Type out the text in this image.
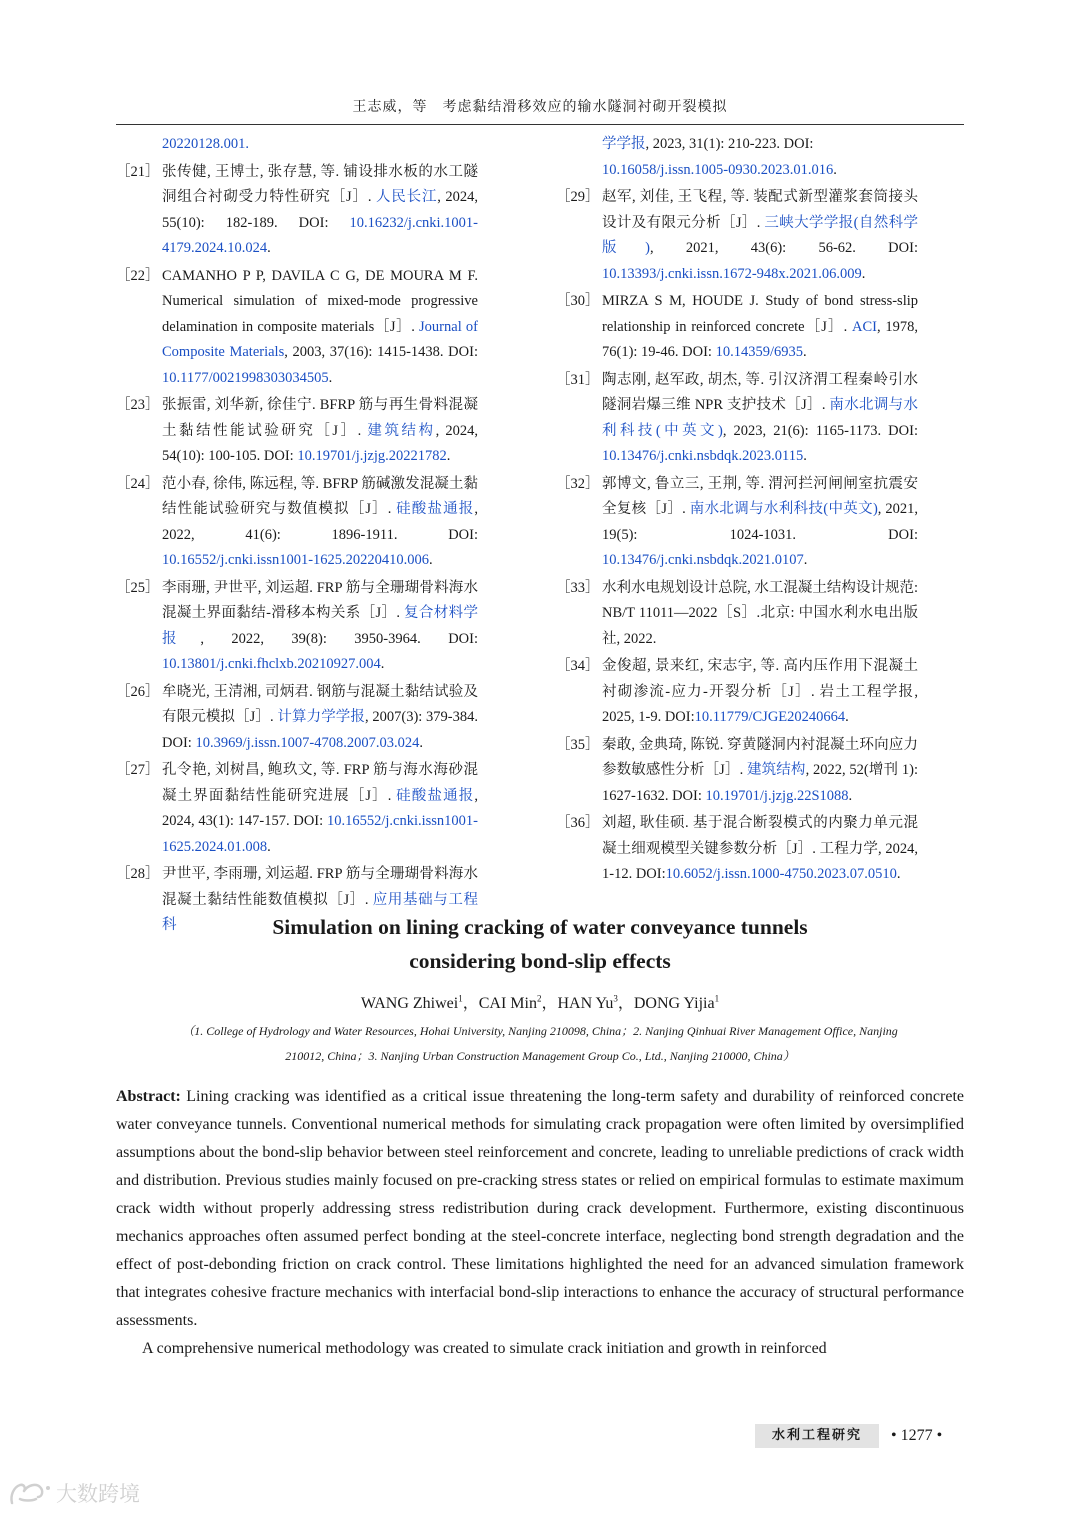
王志威，等　考虑黏结滑移效应的输水隧洞衬砌开裂模拟
20220128.001.
［21］ 张传健, 王博士, 张存慧, 等. 铺设排水板的水工隧洞组合衬砌受力特性研究［J］. 人民长江, 2024, 55(10): 182-189. DOI: 10.16232/j.cnki.1001-4179.2024.10.024.
［22］ CAMANHO P P, DAVILA C G, DE MOURA M F. Numerical simulation of mixed-mode progressive delamination in composite materials［J］. Journal of Composite Materials, 2003, 37(16): 1415-1438. DOI: 10.1177/0021998303034505.
［23］ 张振雷, 刘华新, 徐佳宁. BFRP 筋与再生骨料混凝土黏结性能试验研究［J］. 建筑结构, 2024, 54(10): 100-105. DOI: 10.19701/j.jzjg.20221782.
［24］ 范小春, 徐伟, 陈远程, 等. BFRP 筋碱激发混凝土黏结性能试验研究与数值模拟［J］. 硅酸盐通报, 2022, 41(6): 1896-1911. DOI: 10.16552/j.cnki.issn1001-1625.20220410.006.
［25］ 李雨珊, 尹世平, 刘运超. FRP 筋与全珊瑚骨料海水混凝土界面黏结-滑移本构关系［J］. 复合材料学报, 2022, 39(8): 3950-3964. DOI: 10.13801/j.cnki.fhclxb.20210927.004.
［26］ 牟晓光, 王清湘, 司炳君. 钢筋与混凝土黏结试验及有限元模拟［J］. 计算力学学报, 2007(3): 379-384. DOI: 10.3969/j.issn.1007-4708.2007.03.024.
［27］ 孔令艳, 刘树昌, 鲍玖文, 等. FRP 筋与海水海砂混凝土界面黏结性能研究进展［J］. 硅酸盐通报, 2024, 43(1): 147-157. DOI: 10.16552/j.cnki.issn1001-1625.2024.01.008.
［28］ 尹世平, 李雨珊, 刘运超. FRP 筋与全珊瑚骨料海水混凝土黏结性能数值模拟［J］. 应用基础与工程科
学学报, 2023, 31(1): 210-223. DOI: 10.16058/j.issn.1005-0930.2023.01.016.
［29］ 赵军, 刘佳, 王飞程, 等. 装配式新型灌浆套筒接头设计及有限元分析［J］. 三峡大学学报(自然科学版), 2021, 43(6): 56-62. DOI: 10.13393/j.cnki.issn.1672-948x.2021.06.009.
［30］ MIRZA S M, HOUDE J. Study of bond stress-slip relationship in reinforced concrete［J］. ACI, 1978, 76(1): 19-46. DOI: 10.14359/6935.
［31］ 陶志刚, 赵军政, 胡杰, 等. 引汉济渭工程秦岭引水隧洞岩爆三维 NPR 支护技术［J］. 南水北调与水利科技(中英文), 2023, 21(6): 1165-1173. DOI: 10.13476/j.cnki.nsbdqk.2023.0115.
［32］ 郭博文, 鲁立三, 王荆, 等. 渭河拦河闸闸室抗震安全复核［J］. 南水北调与水利科技(中英文), 2021, 19(5): 1024-1031. DOI: 10.13476/j.cnki.nsbdqk.2021.0107.
［33］ 水利水电规划设计总院, 水工混凝土结构设计规范: NB/T 11011—2022［S］.北京: 中国水利水电出版社, 2022.
［34］ 金俊超, 景来红, 宋志宇, 等. 高内压作用下混凝土衬砌渗流-应力-开裂分析［J］. 岩土工程学报, 2025, 1-9. DOI:10.11779/CJGE20240664.
［35］ 秦敢, 金典琦, 陈锐. 穿黄隧洞内衬混凝土环向应力参数敏感性分析［J］. 建筑结构, 2022, 52(增刊 1): 1627-1632. DOI: 10.19701/j.jzjg.22S1088.
［36］ 刘超, 耿佳硕. 基于混合断裂模式的内聚力单元混凝土细观模型关键参数分析［J］. 工程力学, 2024, 1-12. DOI:10.6052/j.issn.1000-4750.2023.07.0510.
Simulation on lining cracking of water conveyance tunnels
considering bond-slip effects
WANG Zhiwei$^1$，CAI Min$^2$，HAN Yu$^3$，DONG Yijia$^1$
（1. College of Hydrology and Water Resources, Hohai University, Nanjing 210098, China；2. Nanjing Qinhuai River Management Office, Nanjing
210012, China；3. Nanjing Urban Construction Management Group Co., Ltd., Nanjing 210000, China）

Abstract: Lining cracking was identified as a critical issue threatening the long-term safety and durability of reinforced concrete water conveyance tunnels. Conventional numerical methods for simulating crack propagation were often limited by oversimplified assumptions about the bond-slip behavior between steel reinforcement and concrete, leading to unreliable predictions of crack width and distribution. Previous studies mainly focused on pre-cracking stress states or relied on empirical formulas to estimate maximum crack width without properly addressing stress redistribution during crack development. Furthermore, existing discontinuous mechanics approaches often assumed perfect bonding at the steel-concrete interface, neglecting bond strength degradation and the effect of post-debonding friction on crack control. These limitations highlighted the need for an advanced simulation framework that integrates cohesive fracture mechanics with interfacial bond-slip interactions to enhance the accuracy of structural performance assessments.

A comprehensive numerical methodology was created to simulate crack initiation and growth in reinforced

水利工程研究	• 1277 •
大数跨境
